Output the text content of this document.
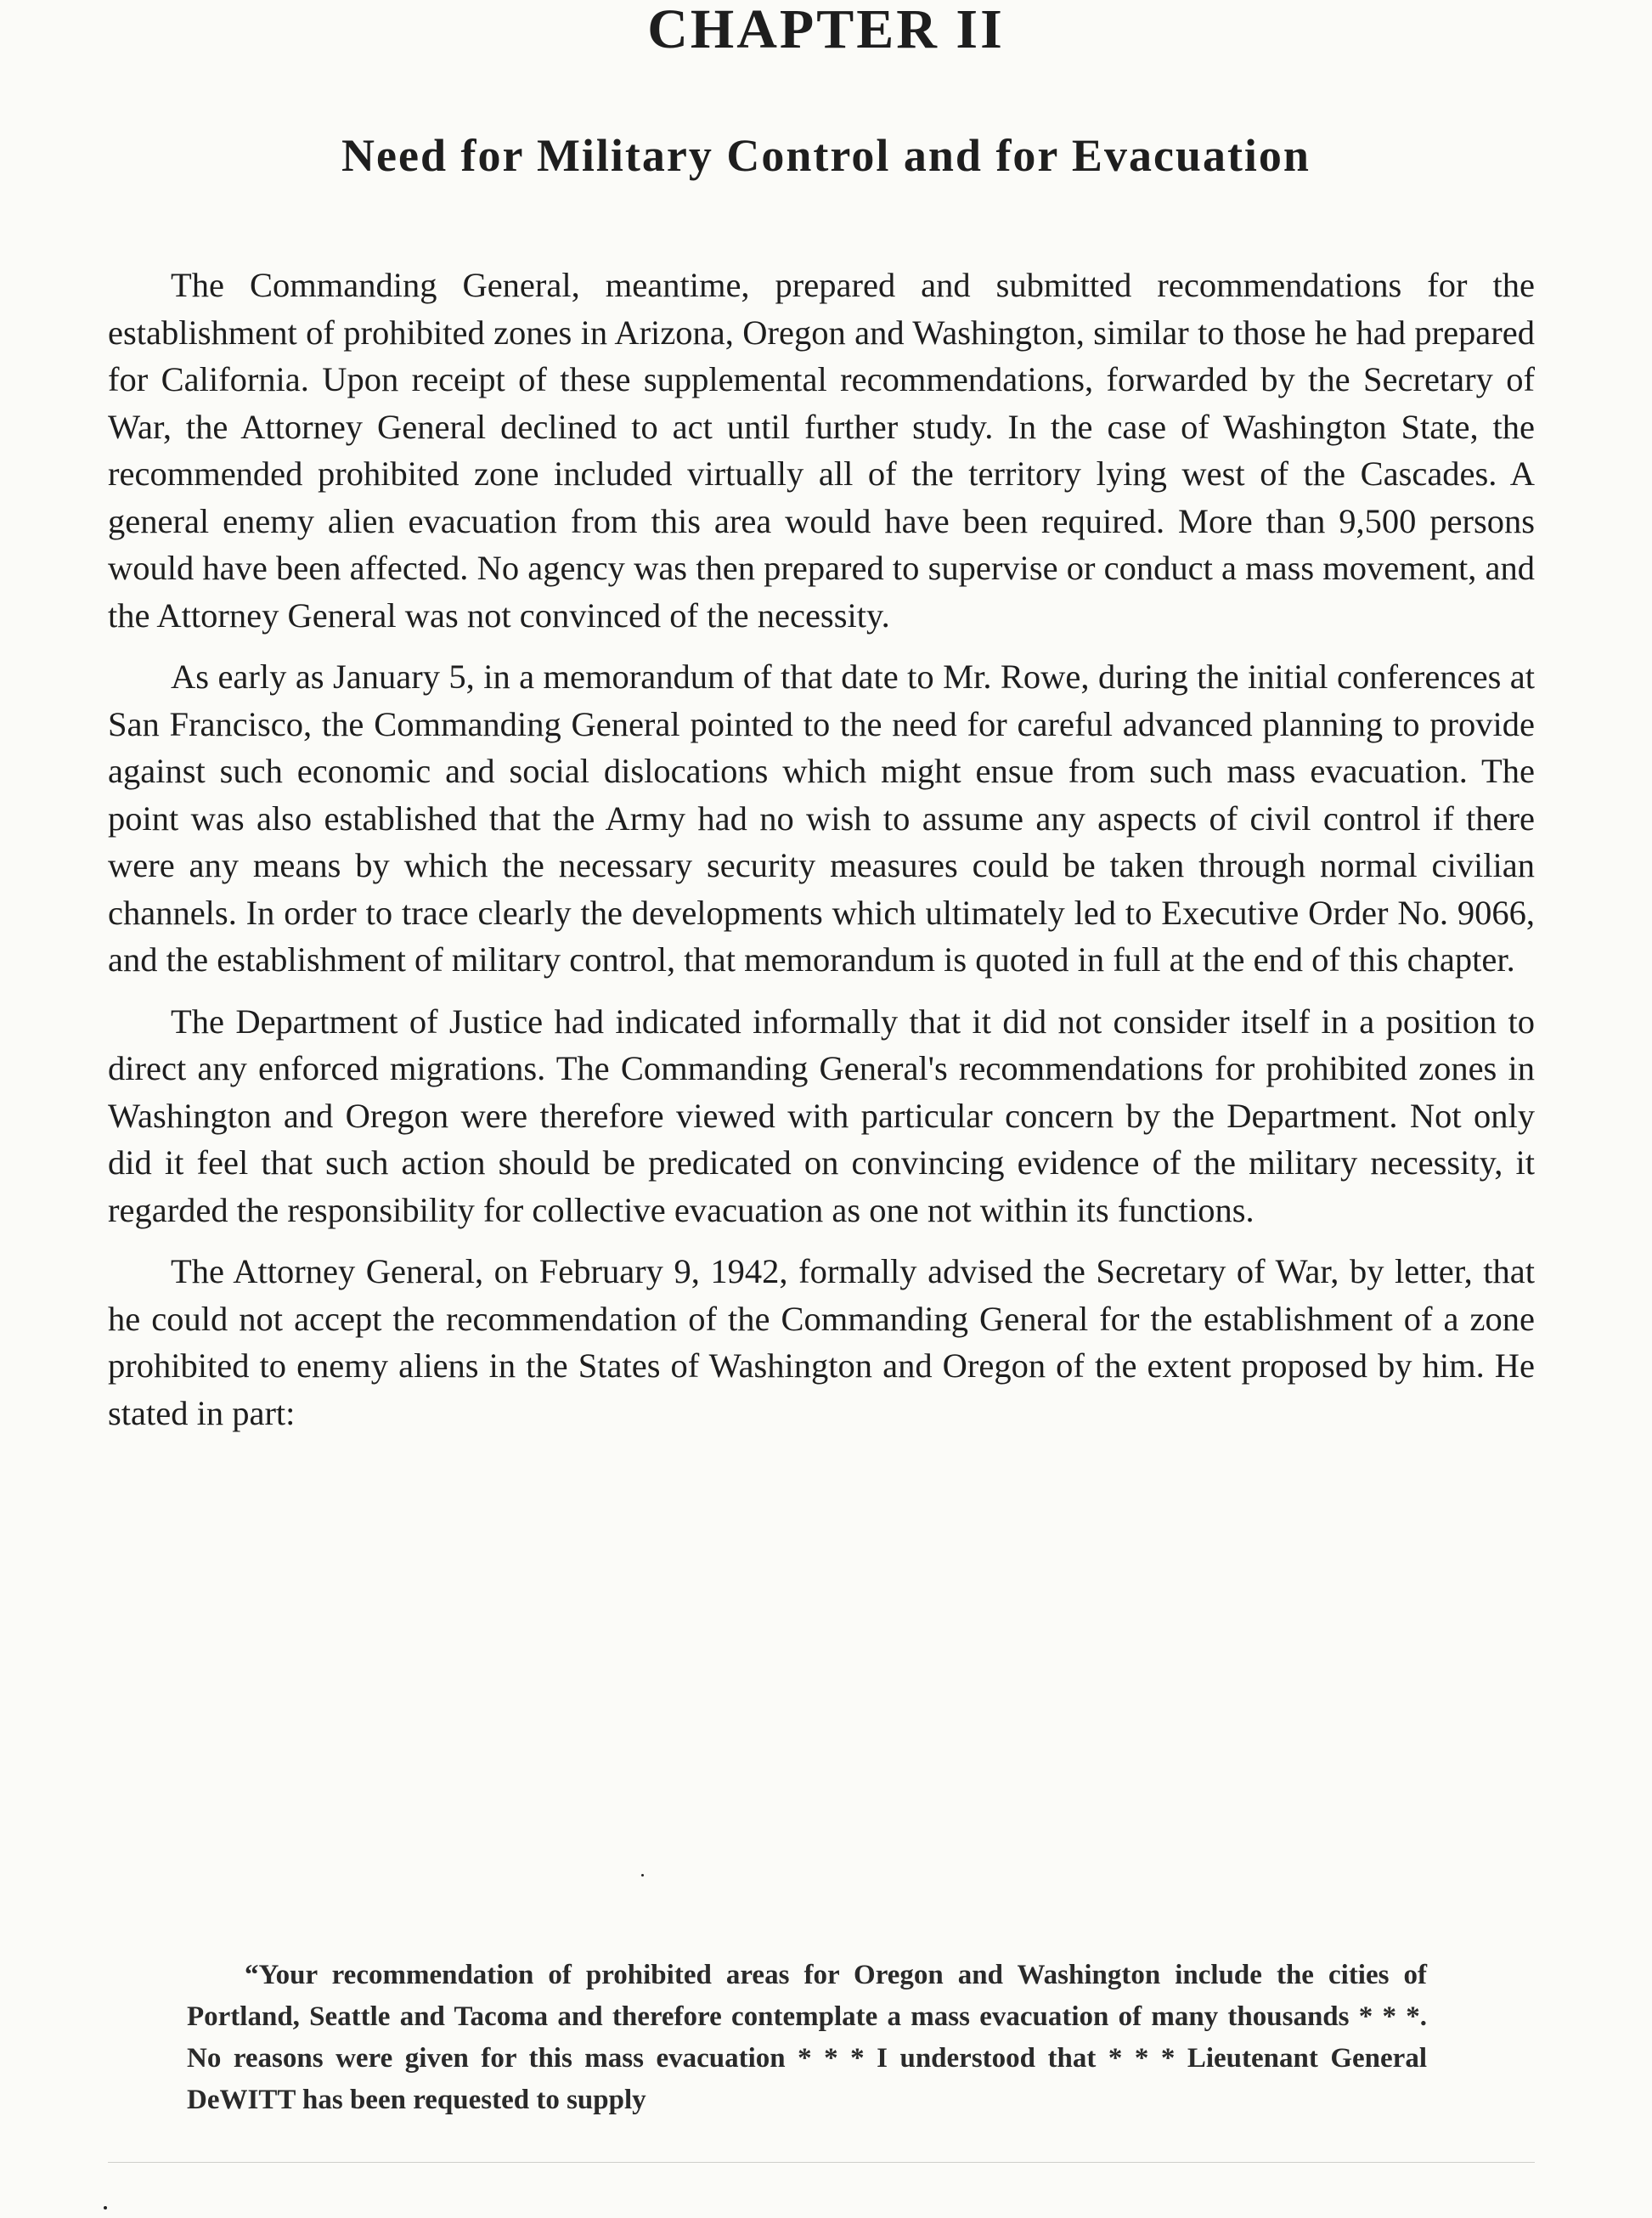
CHAPTER II
Need for Military Control and for Evacuation

The Commanding General, meantime, prepared and submitted recommendations for the establishment of prohibited zones in Arizona, Oregon and Washington, similar to those he had prepared for California. Upon receipt of these supplemental recommendations, forwarded by the Secretary of War, the Attorney General declined to act until further study. In the case of Washington State, the recommended prohibited zone included virtually all of the territory lying west of the Cascades. A general enemy alien evacuation from this area would have been required. More than 9,500 persons would have been affected. No agency was then prepared to supervise or conduct a mass movement, and the Attorney General was not convinced of the necessity.

As early as January 5, in a memorandum of that date to Mr. Rowe, during the initial conferences at San Francisco, the Commanding General pointed to the need for careful advanced planning to provide against such economic and social dislocations which might ensue from such mass evacuation. The point was also established that the Army had no wish to assume any aspects of civil control if there were any means by which the necessary security measures could be taken through normal civilian channels. In order to trace clearly the developments which ultimately led to Executive Order No. 9066, and the establishment of military control, that memorandum is quoted in full at the end of this chapter.

The Department of Justice had indicated informally that it did not consider itself in a position to direct any enforced migrations. The Commanding General's recommendations for prohibited zones in Washington and Oregon were therefore viewed with particular concern by the Department. Not only did it feel that such action should be predicated on convincing evidence of the military necessity, it regarded the responsibility for collective evacuation as one not within its functions.

The Attorney General, on February 9, 1942, formally advised the Secretary of War, by letter, that he could not accept the recommendation of the Commanding General for the establishment of a zone prohibited to enemy aliens in the States of Washington and Oregon of the extent proposed by him. He stated in part:

“Your recommendation of prohibited areas for Oregon and Washington include the cities of Portland, Seattle and Tacoma and therefore contemplate a mass evacuation of many thousands * * *. No reasons were given for this mass evacuation * * * I understood that * * * Lieutenant General DeWITT has been requested to supply
